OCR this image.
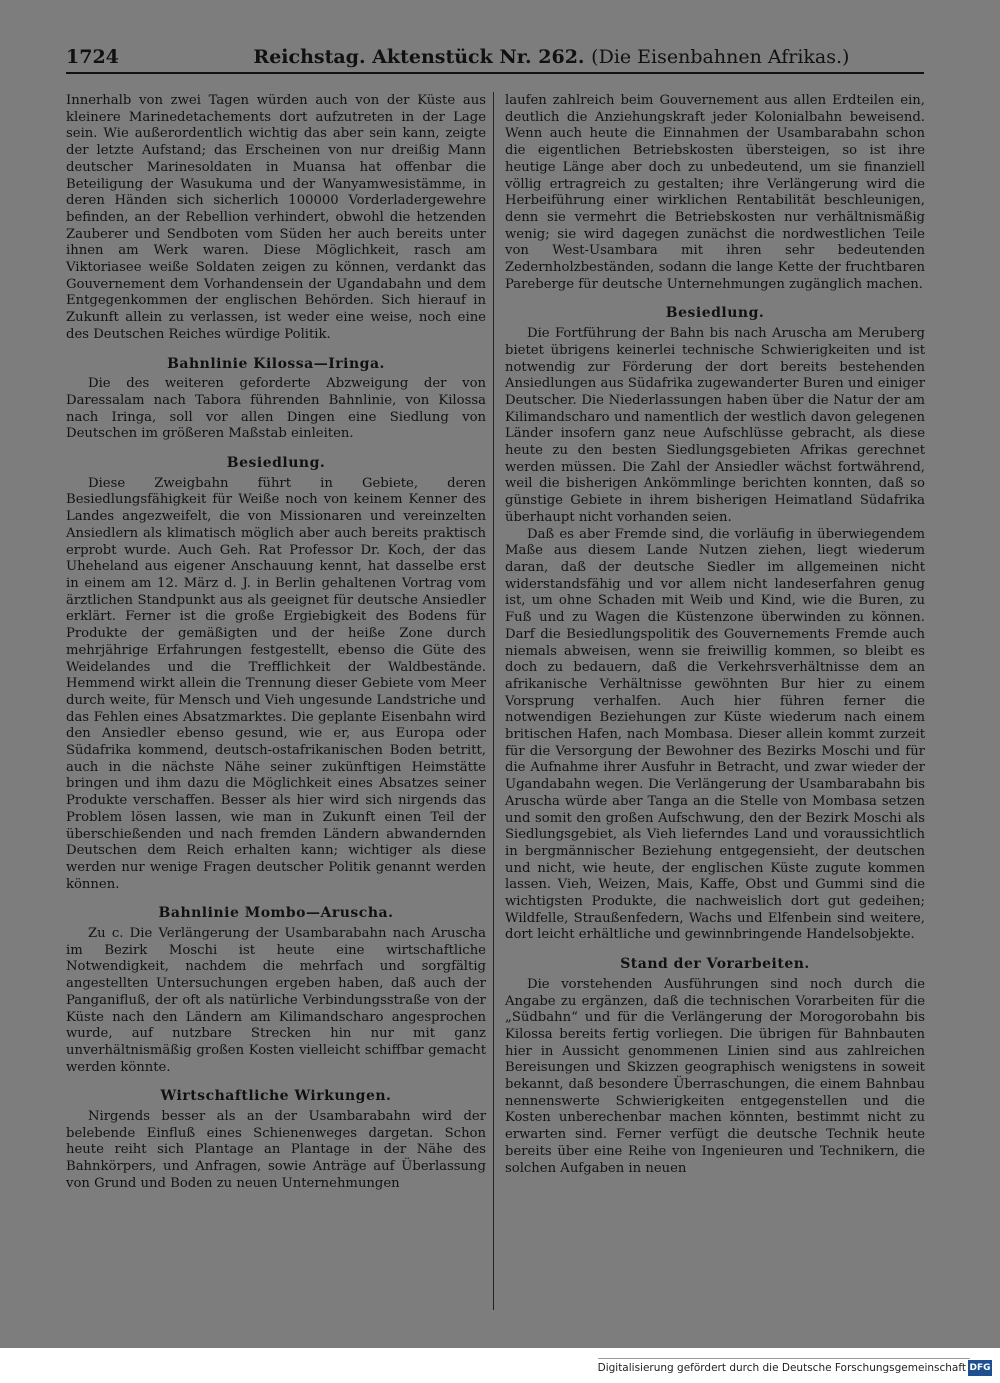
1724	Reichstag. Aktenstück Nr. 262. (Die Eisenbahnen Afrikas.)

Innerhalb von zwei Tagen würden auch von der Küste aus kleinere Marinedetachements dort aufzutreten in der Lage sein. Wie außerordentlich wichtig das aber sein kann, zeigte der letzte Aufstand; das Erscheinen von nur dreißig Mann deutscher Marinesoldaten in Muansa hat offenbar die Beteiligung der Wasukuma und der Wanyamwesistämme, in deren Händen sich sicherlich 100000 Vorderladergewehre befinden, an der Rebellion verhindert, obwohl die hetzenden Zauberer und Sendboten vom Süden her auch bereits unter ihnen am Werk waren. Diese Möglichkeit, rasch am Viktoriasee weiße Soldaten zeigen zu können, verdankt das Gouvernement dem Vorhandensein der Ugandabahn und dem Entgegenkommen der englischen Behörden. Sich hierauf in Zukunft allein zu verlassen, ist weder eine weise, noch eine des Deutschen Reiches würdige Politik.

Bahnlinie Kilossa—Iringa.

Die des weiteren geforderte Abzweigung der von Daressalam nach Tabora führenden Bahnlinie, von Kilossa nach Iringa, soll vor allen Dingen eine Siedlung von Deutschen im größeren Maßstab einleiten.

Besiedlung.

Diese Zweigbahn führt in Gebiete, deren Besiedlungsfähigkeit für Weiße noch von keinem Kenner des Landes angezweifelt, die von Missionaren und vereinzelten Ansiedlern als klimatisch möglich aber auch bereits praktisch erprobt wurde. Auch Geh. Rat Professor Dr. Koch, der das Uheheland aus eigener Anschauung kennt, hat dasselbe erst in einem am 12. März d. J. in Berlin gehaltenen Vortrag vom ärztlichen Standpunkt aus als geeignet für deutsche Ansiedler erklärt. Ferner ist die große Ergiebigkeit des Bodens für Produkte der gemäßigten und der heiße Zone durch mehrjährige Erfahrungen festgestellt, ebenso die Güte des Weidelandes und die Trefflichkeit der Waldbestände. Hemmend wirkt allein die Trennung dieser Gebiete vom Meer durch weite, für Mensch und Vieh ungesunde Landstriche und das Fehlen eines Absatzmarktes. Die geplante Eisenbahn wird den Ansiedler ebenso gesund, wie er, aus Europa oder Südafrika kommend, deutsch-ostafrikanischen Boden betritt, auch in die nächste Nähe seiner zukünftigen Heimstätte bringen und ihm dazu die Möglichkeit eines Absatzes seiner Produkte verschaffen. Besser als hier wird sich nirgends das Problem lösen lassen, wie man in Zukunft einen Teil der überschießenden und nach fremden Ländern abwandernden Deutschen dem Reich erhalten kann; wichtiger als diese werden nur wenige Fragen deutscher Politik genannt werden können.

Bahnlinie Mombo—Aruscha.

Zu c. Die Verlängerung der Usambarabahn nach Aruscha im Bezirk Moschi ist heute eine wirtschaftliche Notwendigkeit, nachdem die mehrfach und sorgfältig angestellten Untersuchungen ergeben haben, daß auch der Panganifluß, der oft als natürliche Verbindungsstraße von der Küste nach den Ländern am Kilimandscharo angesprochen wurde, auf nutzbare Strecken hin nur mit ganz unverhältnismäßig großen Kosten vielleicht schiffbar gemacht werden könnte.

Wirtschaftliche Wirkungen.

Nirgends besser als an der Usambarabahn wird der belebende Einfluß eines Schienenweges dargetan. Schon heute reiht sich Plantage an Plantage in der Nähe des Bahnkörpers, und Anfragen, sowie Anträge auf Überlassung von Grund und Boden zu neuen Unternehmungen

laufen zahlreich beim Gouvernement aus allen Erdteilen ein, deutlich die Anziehungskraft jeder Kolonialbahn beweisend. Wenn auch heute die Einnahmen der Usambarabahn schon die eigentlichen Betriebskosten übersteigen, so ist ihre heutige Länge aber doch zu unbedeutend, um sie finanziell völlig ertragreich zu gestalten; ihre Verlängerung wird die Herbeiführung einer wirklichen Rentabilität beschleunigen, denn sie vermehrt die Betriebskosten nur verhältnismäßig wenig; sie wird dagegen zunächst die nordwestlichen Teile von West-Usambara mit ihren sehr bedeutenden Zedernholzbeständen, sodann die lange Kette der fruchtbaren Pareberge für deutsche Unternehmungen zugänglich machen.

Besiedlung.

Die Fortführung der Bahn bis nach Aruscha am Meruberg bietet übrigens keinerlei technische Schwierigkeiten und ist notwendig zur Förderung der dort bereits bestehenden Ansiedlungen aus Südafrika zugewanderter Buren und einiger Deutscher. Die Niederlassungen haben über die Natur der am Kilimandscharo und namentlich der westlich davon gelegenen Länder insofern ganz neue Aufschlüsse gebracht, als diese heute zu den besten Siedlungsgebieten Afrikas gerechnet werden müssen. Die Zahl der Ansiedler wächst fortwährend, weil die bisherigen Ankömmlinge berichten konnten, daß so günstige Gebiete in ihrem bisherigen Heimatland Südafrika überhaupt nicht vorhanden seien.

Daß es aber Fremde sind, die vorläufig in überwiegendem Maße aus diesem Lande Nutzen ziehen, liegt wiederum daran, daß der deutsche Siedler im allgemeinen nicht widerstandsfähig und vor allem nicht landeserfahren genug ist, um ohne Schaden mit Weib und Kind, wie die Buren, zu Fuß und zu Wagen die Küstenzone überwinden zu können. Darf die Besiedlungspolitik des Gouvernements Fremde auch niemals abweisen, wenn sie freiwillig kommen, so bleibt es doch zu bedauern, daß die Verkehrsverhältnisse dem an afrikanische Verhältnisse gewöhnten Bur hier zu einem Vorsprung verhalfen. Auch hier führen ferner die notwendigen Beziehungen zur Küste wiederum nach einem britischen Hafen, nach Mombasa. Dieser allein kommt zurzeit für die Versorgung der Bewohner des Bezirks Moschi und für die Aufnahme ihrer Ausfuhr in Betracht, und zwar wieder der Ugandabahn wegen. Die Verlängerung der Usambarabahn bis Aruscha würde aber Tanga an die Stelle von Mombasa setzen und somit den großen Aufschwung, den der Bezirk Moschi als Siedlungsgebiet, als Vieh lieferndes Land und voraussichtlich in bergmännischer Beziehung entgegensieht, der deutschen und nicht, wie heute, der englischen Küste zugute kommen lassen. Vieh, Weizen, Mais, Kaffe, Obst und Gummi sind die wichtigsten Produkte, die nachweislich dort gut gedeihen; Wildfelle, Straußenfedern, Wachs und Elfenbein sind weitere, dort leicht erhältliche und gewinnbringende Handelsobjekte.

Stand der Vorarbeiten.

Die vorstehenden Ausführungen sind noch durch die Angabe zu ergänzen, daß die technischen Vorarbeiten für die „Südbahn“ und für die Verlängerung der Morogorobahn bis Kilossa bereits fertig vorliegen. Die übrigen für Bahnbauten hier in Aussicht genommenen Linien sind aus zahlreichen Bereisungen und Skizzen geographisch wenigstens in soweit bekannt, daß besondere Überraschungen, die einem Bahnbau nennenswerte Schwierigkeiten entgegenstellen und die Kosten unberechenbar machen könnten, bestimmt nicht zu erwarten sind. Ferner verfügt die deutsche Technik heute bereits über eine Reihe von Ingenieuren und Technikern, die solchen Aufgaben in neuen

Digitalisierung gefördert durch die Deutsche Forschungsgemeinschaft DFG
